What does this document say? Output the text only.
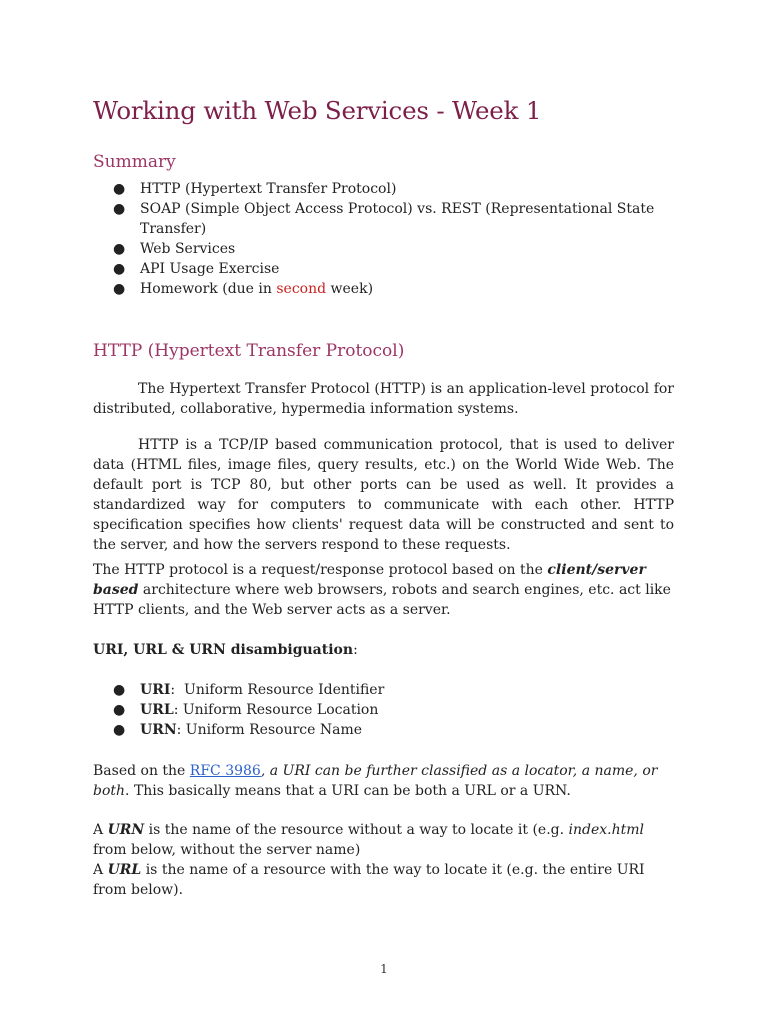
Working with Web Services - Week 1
Summary
●	HTTP (Hypertext Transfer Protocol)
●	SOAP (Simple Object Access Protocol) vs. REST (Representational State
Transfer)
●	Web Services
●	API Usage Exercise
●	Homework (due in second week)
HTTP (Hypertext Transfer Protocol)

The Hypertext Transfer Protocol (HTTP) is an application-level protocol for distributed, collaborative, hypermedia information systems.

HTTP is a TCP/IP based communication protocol, that is used to deliver data (HTML files, image files, query results, etc.) on the World Wide Web. The default port is TCP 80, but other ports can be used as well. It provides a standardized way for computers to communicate with each other. HTTP specification specifies how clients' request data will be constructed and sent to the server, and how the servers respond to these requests.

The HTTP protocol is a request/response protocol based on the client/server based architecture where web browsers, robots and search engines, etc. act like HTTP clients, and the Web server acts as a server.

URI, URL & URN disambiguation:

●	URI:  Uniform Resource Identifier
●	URL: Uniform Resource Location
●	URN: Uniform Resource Name

Based on the RFC 3986, a URI can be further classified as a locator, a name, or both. This basically means that a URI can be both a URL or a URN.

A URN is the name of the resource without a way to locate it (e.g. index.html from below, without the server name)
A URL is the name of a resource with the way to locate it (e.g. the entire URI from below).

1
